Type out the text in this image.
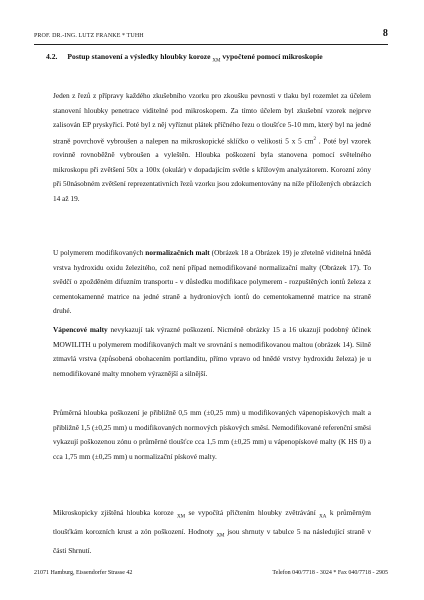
PROF. DR.-ING. LUTZ FRANKE * TUHH	8
4.2. Postup stanovení a výsledky hloubky koroze $_{XM}$ vypočtené pomocí mikroskopie

Jeden z řezů z přípravy každého zkušebního vzorku pro zkoušku pevnosti v tlaku byl rozemlet za účelem stanovení hloubky penetrace viditelné pod mikroskopem. Za tímto účelem byl zkušební vzorek nejprve zalisován EP pryskyřicí. Poté byl z něj vyříznut plátek příčného řezu o tloušťce 5-10 mm, který byl na jedné straně povrchově vybroušen a nalepen na mikroskopické sklíčko o velikosti 5 x 5 $cm^2$ . Poté byl vzorek rovinně rovnoběžně vybroušen a vyleštěn. Hloubka poškození byla stanovena pomocí světelného mikroskopu při zvětšení 50x a 100x (okulár) v dopadajícím světle s křížovým analyzátorem. Korozní zóny při 50násobném zvětšení reprezentativních řezů vzorku jsou zdokumentovány na níže přiložených obrázcích 14 až 19.

U polymerem modifikovaných normalizačních malt (Obrázek 18 a Obrázek 19) je zřetelně viditelná hnědá vrstva hydroxidu oxidu železitého, což není případ nemodifikované normalizační malty (Obrázek 17). To svědčí o zpožděném difuzním transportu - v důsledku modifikace polymerem - rozpuštěných iontů železa z cementokamenné matrice na jedné straně a hydroniových iontů do cementokamenné matrice na straně druhé.

Vápencové malty nevykazují tak výrazné poškození. Nicméně obrázky 15 a 16 ukazují podobný účinek MOWILITH u polymerem modifikovaných malt ve srovnání s nemodifikovanou maltou (obrázek 14). Silně ztmavlá vrstva (způsobená obohacením portlanditu, přímo vpravo od hnědé vrstvy hydroxidu železa) je u nemodifikované malty mnohem výraznější a silnější.

Průměrná hloubka poškození je přibližně 0,5 mm (±0,25 mm) u modifikovaných vápenopískových malt a přibližně 1,5 (±0,25 mm) u modifikovaných normových pískových směsí. Nemodifikované referenční směsi vykazují poškozenou zónu o průměrné tloušťce cca 1,5 mm (±0,25 mm) u vápenopískové malty (K HS 0) a cca 1,75 mm (±0,25 mm) u normalizační pískové malty.

Mikroskopicky zjištěná hloubka koroze $_{XM}$ se vypočítá přičtením hloubky zvětrávání $_{XA}$ k průměrným tloušťkám korozních krust a zón poškození. Hodnoty $_{XM}$ jsou shrnuty v tabulce 5 na následující straně v části Shrnutí.

21071 Hamburg, Eissendorfer Strasse 42	Telefon 040/7718 - 3024 * Fax 040/7718 - 2905
